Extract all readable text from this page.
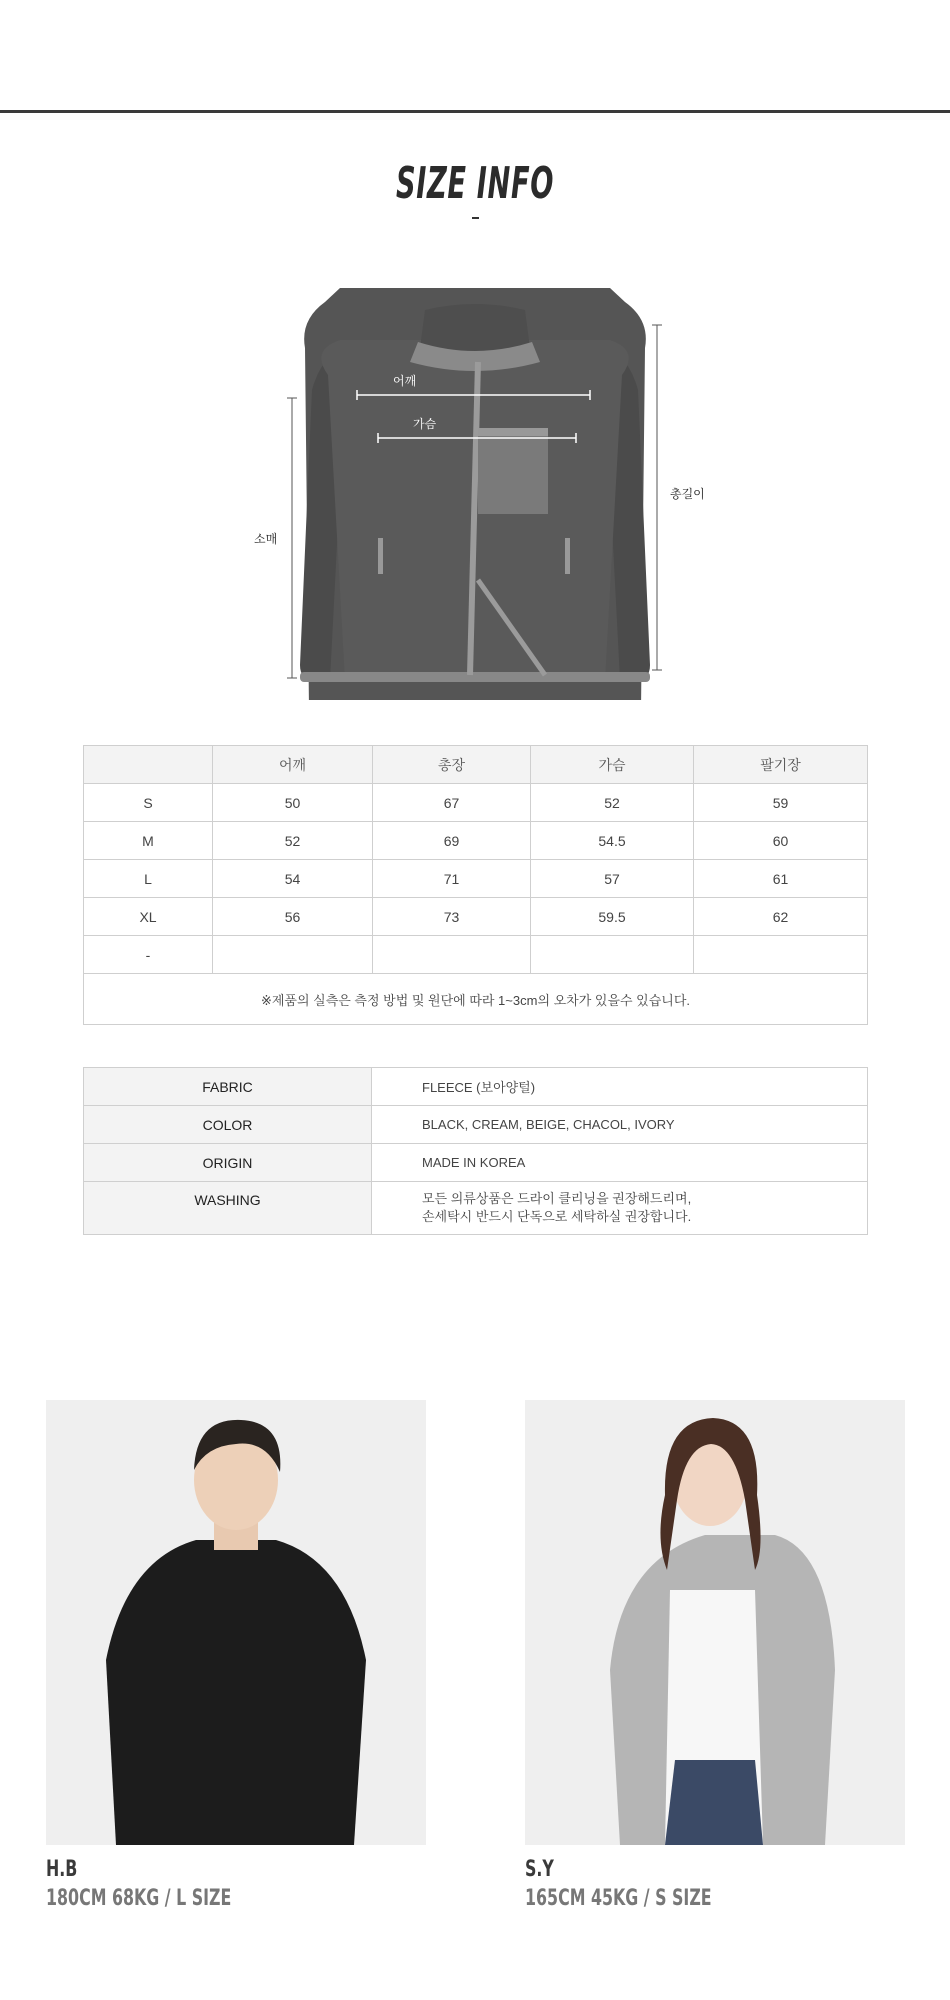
SIZE INFO
어깨
가슴
총길이
소매
	어깨	총장	가슴	팔기장
S	50	67	52	59
M	52	69	54.5	60
L	54	71	57	61
XL	56	73	59.5	62
-				
※제품의 실측은 측정 방법 및 원단에 따라 1~3cm의 오차가 있을수 있습니다.				
FABRIC	FLEECE (보아양털)
COLOR	BLACK, CREAM, BEIGE, CHACOL, IVORY
ORIGIN	MADE IN KOREA
WASHING	모든 의류상품은 드라이 클리닝을 권장해드리며,
손세탁시 반드시 단독으로 세탁하실 권장합니다.
H.B
180CM 68KG / L SIZE
S.Y
165CM 45KG / S SIZE
